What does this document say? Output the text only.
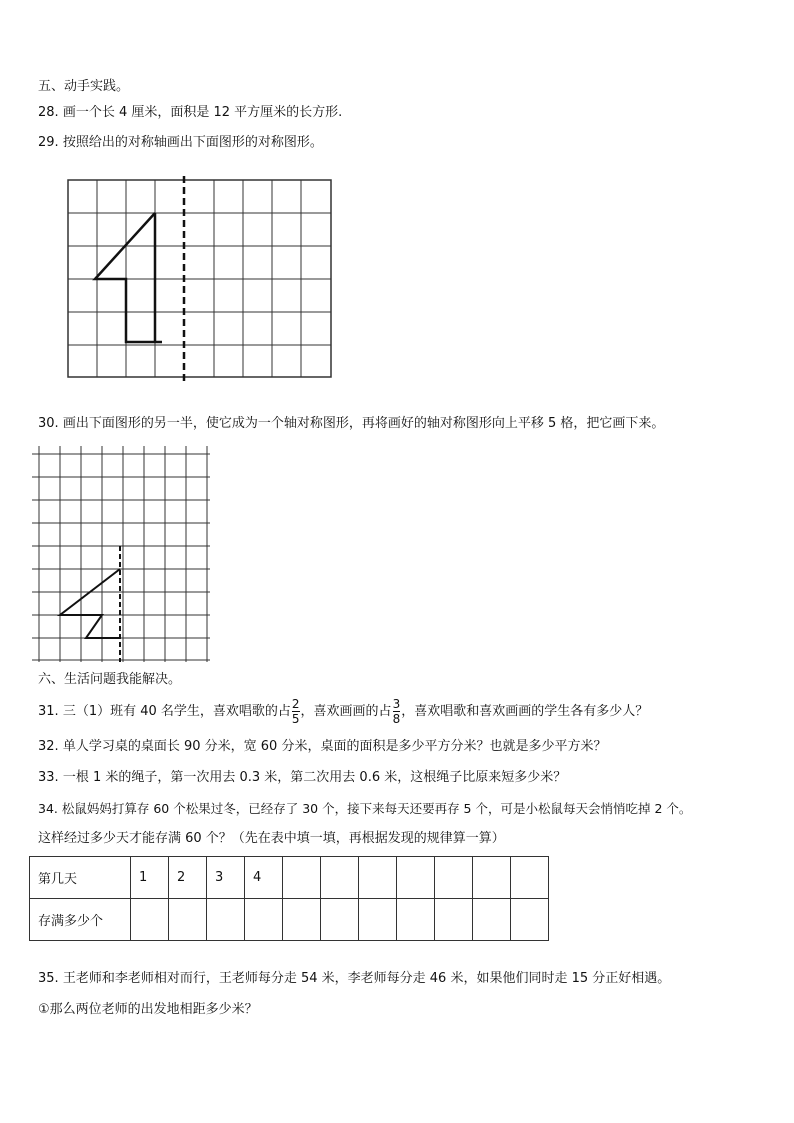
五、动手实践。
28. 画一个长 4 厘米，面积是 12 平方厘米的长方形.
29. 按照给出的对称轴画出下面图形的对称图形。
30. 画出下面图形的另一半，使它成为一个轴对称图形，再将画好的轴对称图形向上平移 5 格，把它画下来。
六、生活问题我能解决。
31. 三（1）班有 40 名学生，喜欢唱歌的占 $\frac{2}{5}$ ，喜欢画画的占 $\frac{3}{8}$ ，喜欢唱歌和喜欢画画的学生各有多少人？
32. 单人学习桌的桌面长 90 分米，宽 60 分米，桌面的面积是多少平方分米？也就是多少平方米？
33. 一根 1 米的绳子，第一次用去 0.3 米，第二次用去 0.6 米，这根绳子比原来短多少米？
34. 松鼠妈妈打算存 60 个松果过冬，已经存了 30 个，接下来每天还要再存 5 个，可是小松鼠每天会悄悄吃掉 2 个。
这样经过多少天才能存满 60 个？（先在表中填一填，再根据发现的规律算一算）
第几天	1	2	3	4							
存满多少个											
35. 王老师和李老师相对而行，王老师每分走 54 米，李老师每分走 46 米，如果他们同时走 15 分正好相遇。
①那么两位老师的出发地相距多少米？
